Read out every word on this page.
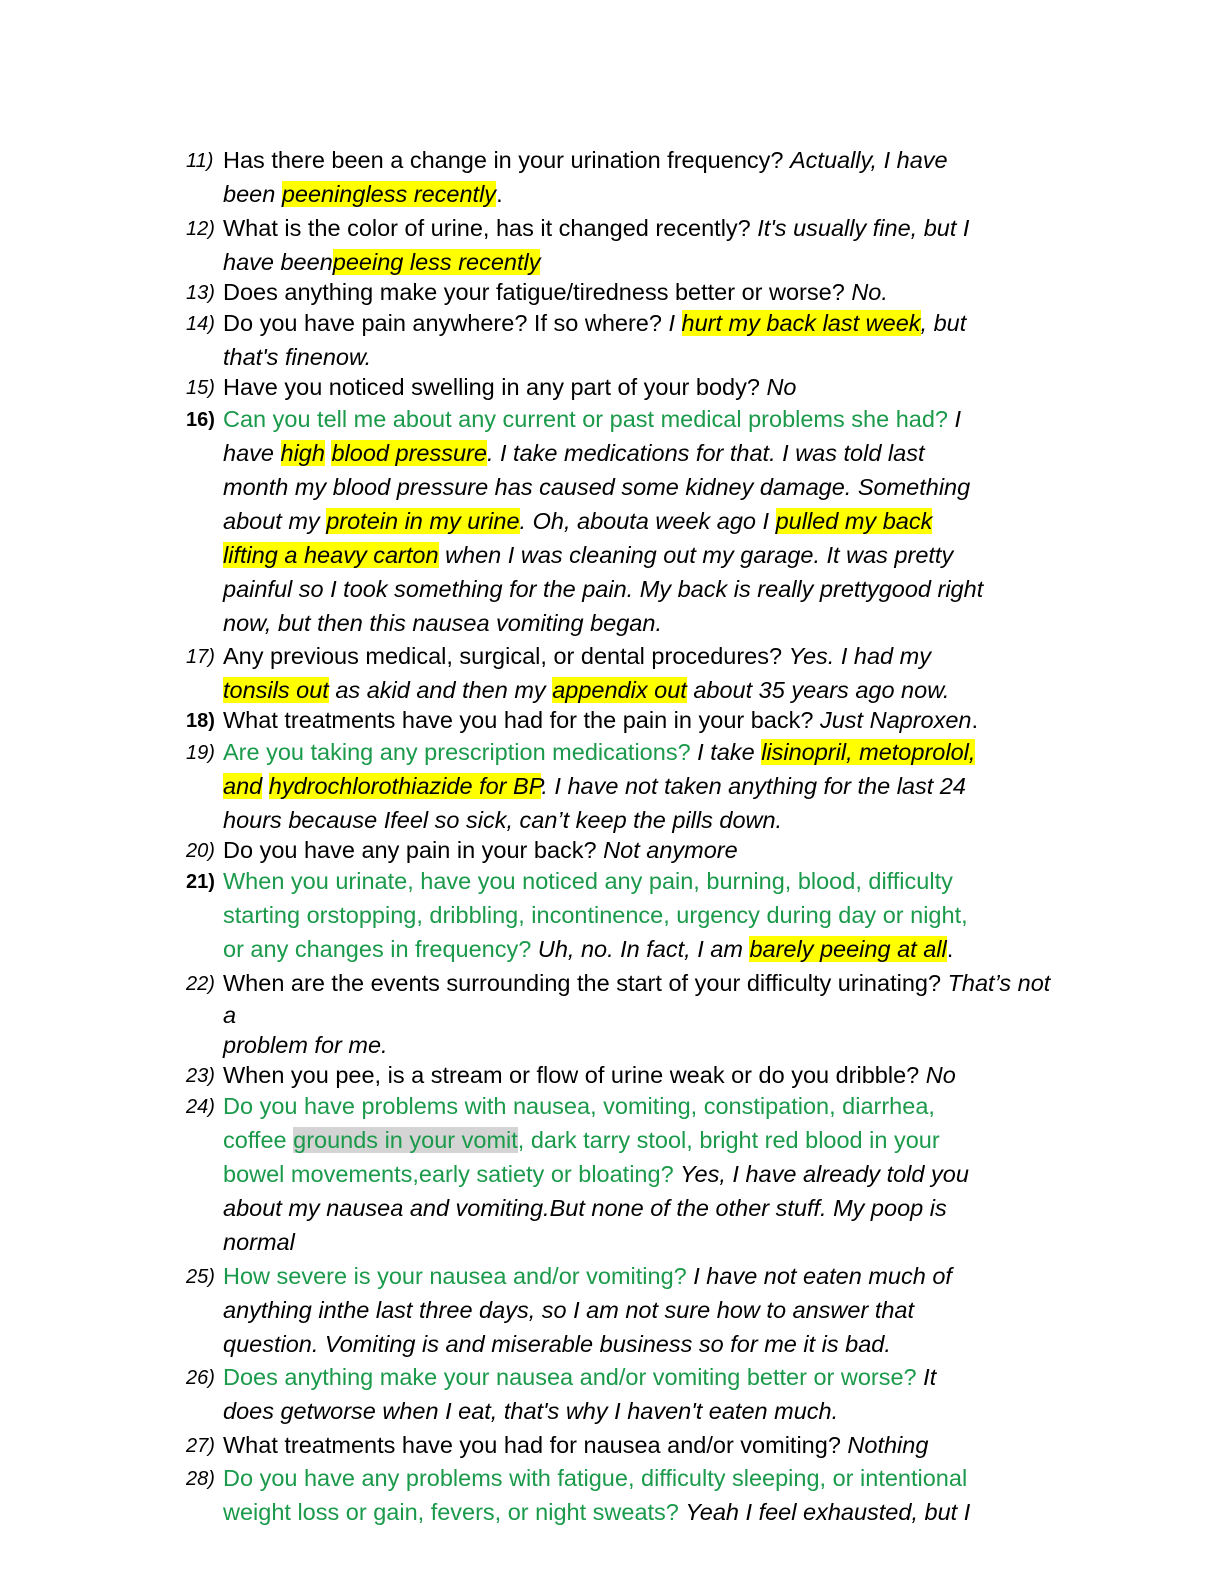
11) Has there been a change in your urination frequency? Actually, I have
been peeningless recently.
12) What is the color of urine, has it changed recently? It's usually fine, but I
have beenpeeing less recently
13) Does anything make your fatigue/tiredness better or worse? No.
14) Do you have pain anywhere? If so where? I hurt my back last week, but
that's finenow.
15) Have you noticed swelling in any part of your body? No
16) Can you tell me about any current or past medical problems she had? I
have high blood pressure. I take medications for that. I was told last
month my blood pressure has caused some kidney damage. Something
about my protein in my urine. Oh, abouta week ago I pulled my back
lifting a heavy carton when I was cleaning out my garage. It was pretty
painful so I took something for the pain. My back is really prettygood right
now, but then this nausea vomiting began.
17) Any previous medical, surgical, or dental procedures? Yes. I had my
tonsils out as akid and then my appendix out about 35 years ago now.
18) What treatments have you had for the pain in your back? Just Naproxen.
19) Are you taking any prescription medications? I take lisinopril, metoprolol,
and hydrochlorothiazide for BP. I have not taken anything for the last 24
hours because Ifeel so sick, can’t keep the pills down.
20) Do you have any pain in your back? Not anymore
21) When you urinate, have you noticed any pain, burning, blood, difficulty
starting orstopping, dribbling, incontinence, urgency during day or night,
or any changes in frequency? Uh, no. In fact, I am barely peeing at all.
22) When are the events surrounding the start of your difficulty urinating? That’s not
a
problem for me.
23) When you pee, is a stream or flow of urine weak or do you dribble? No
24) Do you have problems with nausea, vomiting, constipation, diarrhea,
coffee grounds in your vomit, dark tarry stool, bright red blood in your
bowel movements,early satiety or bloating? Yes, I have already told you
about my nausea and vomiting.But none of the other stuff. My poop is
normal
25) How severe is your nausea and/or vomiting? I have not eaten much of
anything inthe last three days, so I am not sure how to answer that
question. Vomiting is and miserable business so for me it is bad.
26) Does anything make your nausea and/or vomiting better or worse? It
does getworse when I eat, that's why I haven't eaten much.
27) What treatments have you had for nausea and/or vomiting? Nothing
28) Do you have any problems with fatigue, difficulty sleeping, or intentional
weight loss or gain, fevers, or night sweats? Yeah I feel exhausted, but I
